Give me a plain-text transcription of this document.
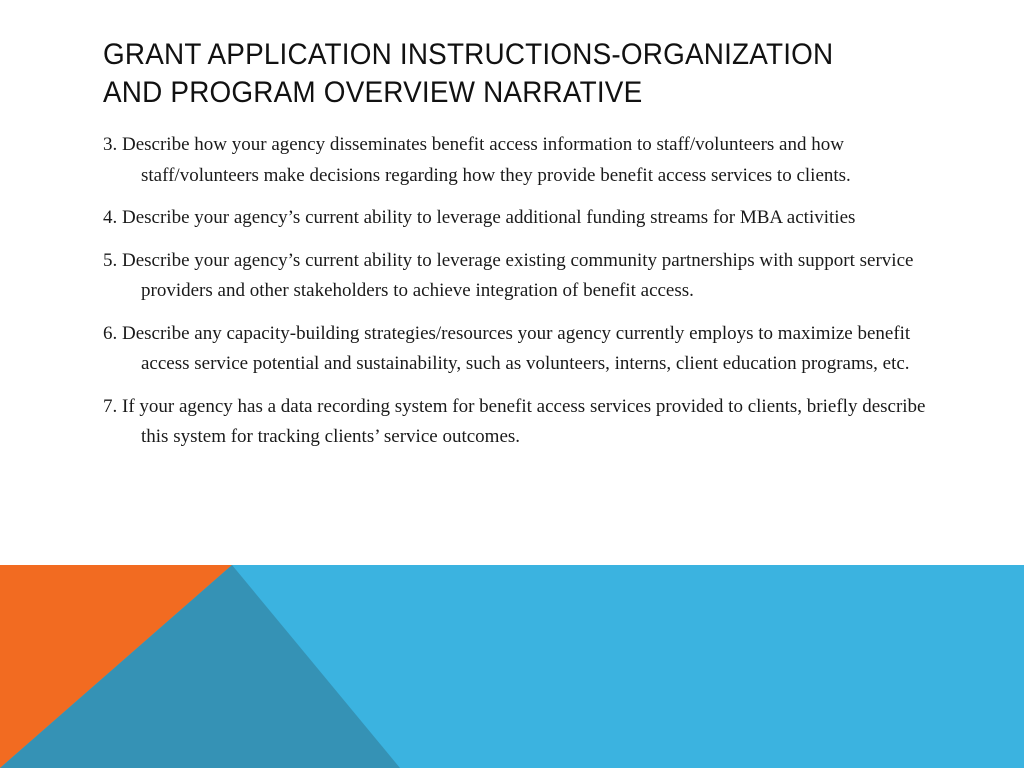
GRANT APPLICATION INSTRUCTIONS-ORGANIZATION
AND PROGRAM OVERVIEW NARRATIVE
3. Describe how your agency disseminates benefit access information to staff/volunteers and how staff/volunteers make decisions regarding how they provide benefit access services to clients.
4. Describe your agency’s current ability to leverage additional funding streams for MBA activities
5. Describe your agency’s current ability to leverage existing community partnerships with support service providers and other stakeholders to achieve integration of benefit access.
6. Describe any capacity-building strategies/resources your agency currently employs to maximize benefit access service potential and sustainability, such as volunteers, interns, client education programs, etc.
7. If your agency has a data recording system for benefit access services provided to clients, briefly describe this system for tracking clients’ service outcomes.
